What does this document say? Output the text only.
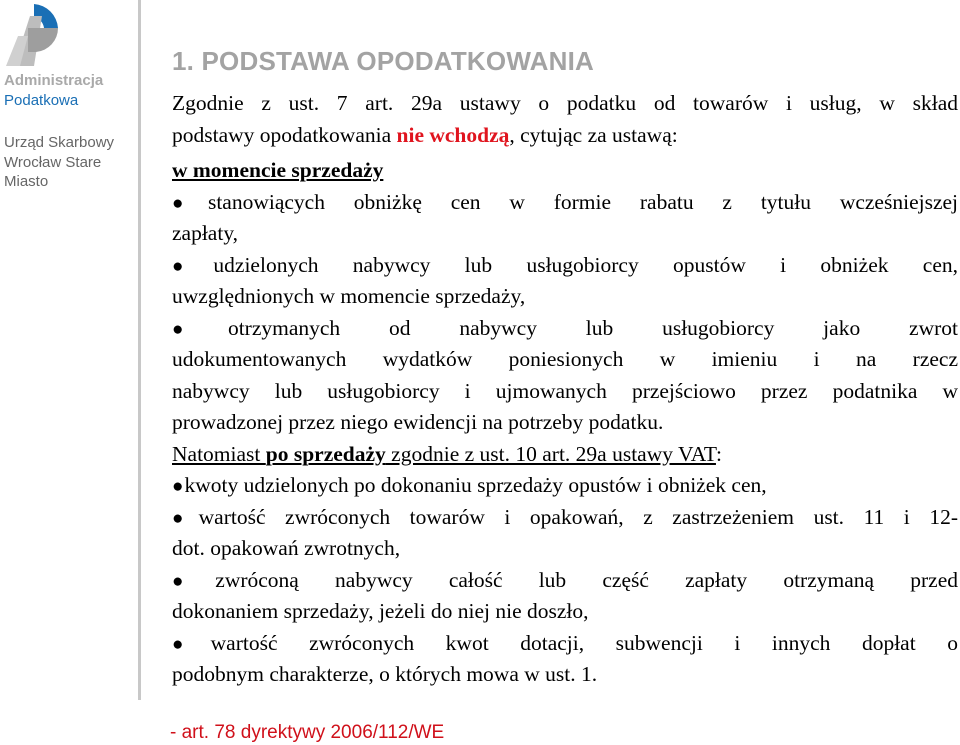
Administracja
Podatkowa
Urząd Skarbowy
Wrocław Stare
Miasto
1. PODSTAWA OPODATKOWANIA
Zgodnie z ust. 7 art. 29a ustawy o podatku od towarów i usług, w skład
podstawy opodatkowania nie wchodzą, cytując za ustawą:
w momencie sprzedaży
● stanowiących obniżkę cen w formie rabatu z tytułu wcześniejszej
zapłaty,
● udzielonych nabywcy lub usługobiorcy opustów i obniżek cen,
uwzględnionych w momencie sprzedaży,
● otrzymanych od nabywcy lub usługobiorcy jako zwrot
udokumentowanych wydatków poniesionych w imieniu i na rzecz
nabywcy lub usługobiorcy i ujmowanych przejściowo przez podatnika w
prowadzonej przez niego ewidencji na potrzeby podatku.
Natomiast po sprzedaży zgodnie z ust. 10 art. 29a ustawy VAT:
● kwoty udzielonych po dokonaniu sprzedaży opustów i obniżek cen,
● wartość zwróconych towarów i opakowań, z zastrzeżeniem ust. 11 i 12-
dot. opakowań zwrotnych,
● zwróconą nabywcy całość lub część zapłaty otrzymaną przed
dokonaniem sprzedaży, jeżeli do niej nie doszło,
● wartość zwróconych kwot dotacji, subwencji i innych dopłat o
podobnym charakterze, o których mowa w ust. 1.
- art. 78 dyrektywy 2006/112/WE
